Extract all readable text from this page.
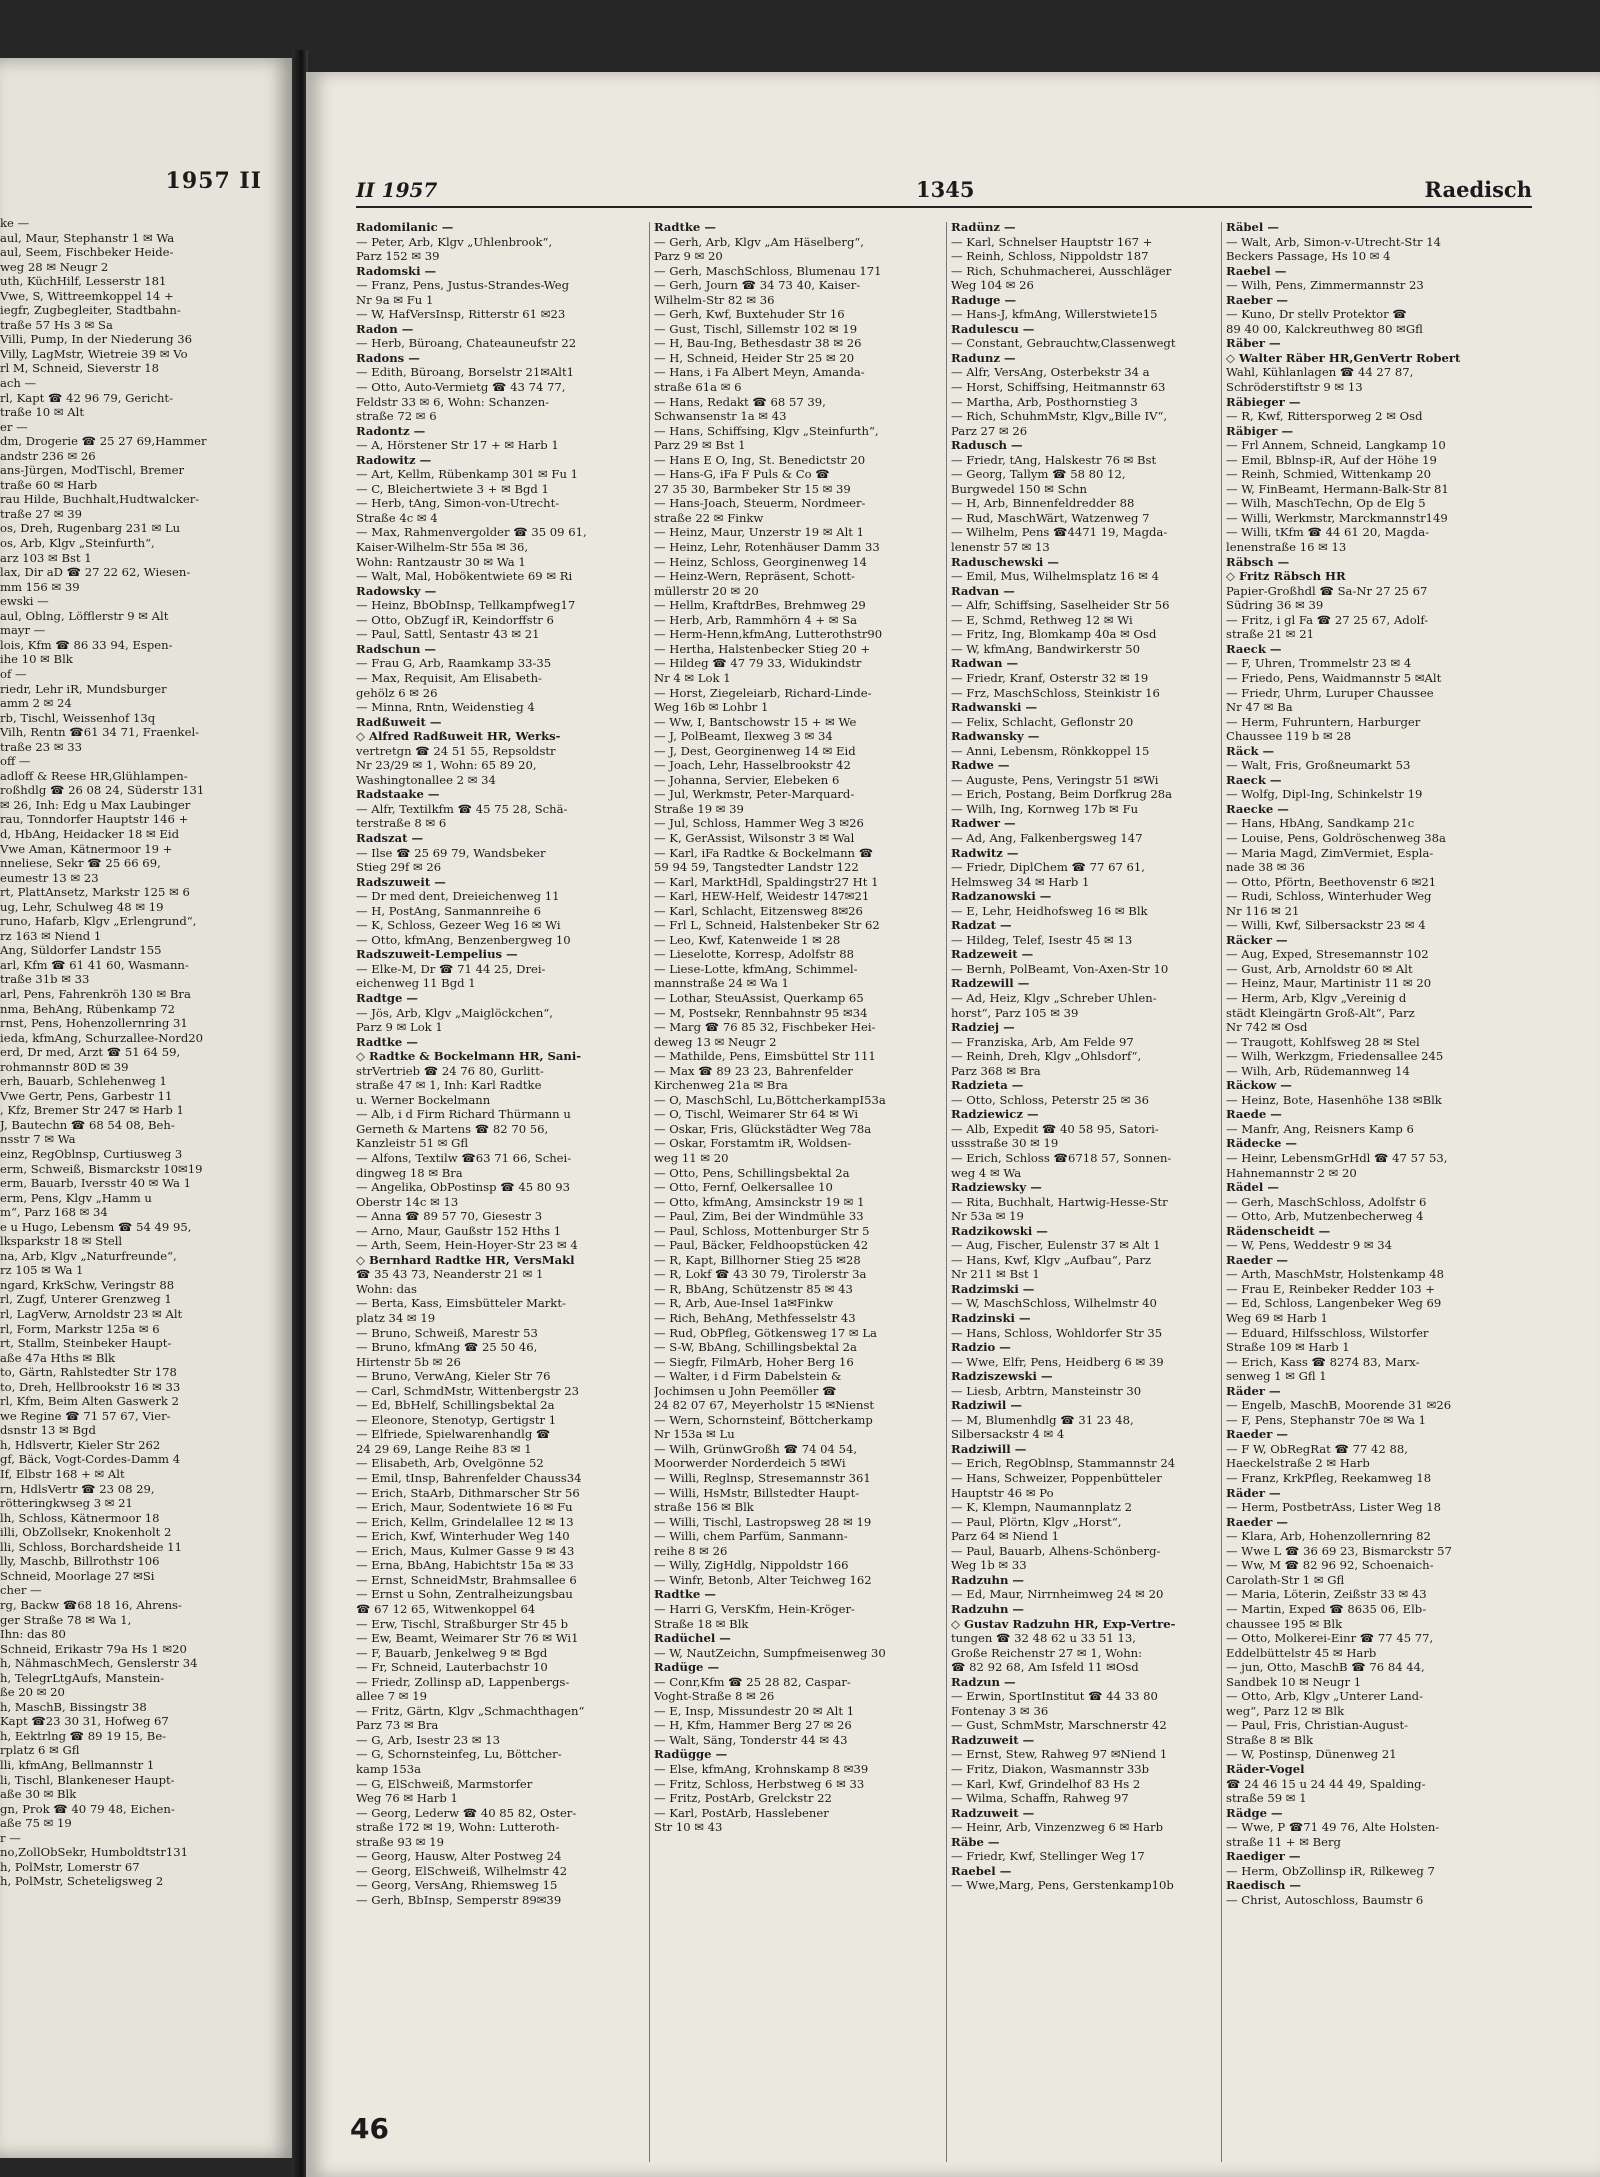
1957 II
ke —
aul, Maur, Stephanstr 1 ✉ Wa
aul, Seem, Fischbeker Heide-
weg 28 ✉ Neugr 2
uth, KüchHilf, Lesserstr 181
Vwe, S, Wittreemkoppel 14 +
iegfr, Zugbegleiter, Stadtbahn-
traße 57 Hs 3 ✉ Sa
Villi, Pump, In der Niederung 36
Villy, LagMstr, Wietreie 39 ✉ Vo
rl M, Schneid, Sieverstr 18
ach —
rl, Kapt ☎ 42 96 79, Gericht-
traße 10 ✉ Alt
er —
dm, Drogerie ☎ 25 27 69,Hammer
andstr 236 ✉ 26
ans-Jürgen, ModTischl, Bremer
traße 60 ✉ Harb
rau Hilde, Buchhalt,Hudtwalcker-
traße 27 ✉ 39
os, Dreh, Rugenbarg 231 ✉ Lu
os, Arb, Klgv „Steinfurth“,
arz 103 ✉ Bst 1
lax, Dir aD ☎ 27 22 62, Wiesen-
mm 156 ✉ 39
ewski —
aul, Oblng, Löfflerstr 9 ✉ Alt
mayr —
lois, Kfm ☎ 86 33 94, Espen-
ihe 10 ✉ Blk
of —
riedr, Lehr iR, Mundsburger
amm 2 ✉ 24
rb, Tischl, Weissenhof 13q
Vilh, Rentn ☎61 34 71, Fraenkel-
traße 23 ✉ 33
off —
adloff & Reese HR,Glühlampen-
roßhdlg ☎ 26 08 24, Süderstr 131
✉ 26, Inh: Edg u Max Laubinger
rau, Tonndorfer Hauptstr 146 +
d, HbAng, Heidacker 18 ✉ Eid
Vwe Aman, Kätnermoor 19 +
nneliese, Sekr ☎ 25 66 69,
eumestr 13 ✉ 23
rt, PlattAnsetz, Markstr 125 ✉ 6
ug, Lehr, Schulweg 48 ✉ 19
runo, Hafarb, Klgv „Erlengrund“,
rz 163 ✉ Niend 1
Ang, Süldorfer Landstr 155
arl, Kfm ☎ 61 41 60, Wasmann-
traße 31b ✉ 33
arl, Pens, Fahrenkröh 130 ✉ Bra
nma, BehAng, Rübenkamp 72
rnst, Pens, Hohenzollernring 31
ieda, kfmAng, Schurzallee-Nord20
erd, Dr med, Arzt ☎ 51 64 59,
rohmannstr 80D ✉ 39
erh, Bauarb, Schlehenweg 1
Vwe Gertr, Pens, Garbestr 11
, Kfz, Bremer Str 247 ✉ Harb 1
J, Bautechn ☎ 68 54 08, Beh-
nsstr 7 ✉ Wa
einz, RegOblnsp, Curtiusweg 3
erm, Schweiß, Bismarckstr 10✉19
erm, Bauarb, Iversstr 40 ✉ Wa 1
erm, Pens, Klgv „Hamm u
m“, Parz 168 ✉ 34
e u Hugo, Lebensm ☎ 54 49 95,
lksparkstr 18 ✉ Stell
na, Arb, Klgv „Naturfreunde“,
rz 105 ✉ Wa 1
ngard, KrkSchw, Veringstr 88
rl, Zugf, Unterer Grenzweg 1
rl, LagVerw, Arnoldstr 23 ✉ Alt
rl, Form, Markstr 125a ✉ 6
rt, Stallm, Steinbeker Haupt-
aße 47a Hths ✉ Blk
to, Gärtn, Rahlstedter Str 178
to, Dreh, Hellbrookstr 16 ✉ 33
rl, Kfm, Beim Alten Gaswerk 2
we Regine ☎ 71 57 67, Vier-
dsnstr 13 ✉ Bgd
h, Hdlsvertr, Kieler Str 262
gf, Bäck, Vogt-Cordes-Damm 4
If, Elbstr 168 + ✉ Alt
rn, HdlsVertr ☎ 23 08 29,
rötteringkwseg 3 ✉ 21
lh, Schloss, Kätnermoor 18
illi, ObZollsekr, Knokenholt 2
lli, Schloss, Borchardsheide 11
lly, Maschb, Billrothstr 106
Schneid, Moorlage 27 ✉Si
cher —
rg, Backw ☎68 18 16, Ahrens-
ger Straße 78 ✉ Wa 1,
Ihn: das 80
Schneid, Erikastr 79a Hs 1 ✉20
h, NähmaschMech, Genslerstr 34
h, TelegrLtgAufs, Manstein-
ße 20 ✉ 20
h, MaschB, Bissingstr 38
Kapt ☎23 30 31, Hofweg 67
h, Eektrlng ☎ 89 19 15, Be-
rplatz 6 ✉ Gfl
lli, kfmAng, Bellmannstr 1
li, Tischl, Blankeneser Haupt-
aße 30 ✉ Blk
gn, Prok ☎ 40 79 48, Eichen-
aße 75 ✉ 19
r —
no,ZollObSekr, Humboldtstr131
h, PolMstr, Lomerstr 67
h, PolMstr, Scheteligsweg 2
II 1957	1345	Raedisch
Radomilanic —
— Peter, Arb, Klgv „Uhlenbrook“,
Parz 152 ✉ 39
Radomski —
— Franz, Pens, Justus-Strandes-Weg
Nr 9a ✉ Fu 1
— W, HafVersInsp, Ritterstr 61 ✉23
Radon —
— Herb, Büroang, Chateauneufstr 22
Radons —
— Edith, Büroang, Borselstr 21✉Alt1
— Otto, Auto-Vermietg ☎ 43 74 77,
Feldstr 33 ✉ 6, Wohn: Schanzen-
straße 72 ✉ 6
Radontz —
— A, Hörstener Str 17 + ✉ Harb 1
Radowitz —
— Art, Kellm, Rübenkamp 301 ✉ Fu 1
— C, Bleichertwiete 3 + ✉ Bgd 1
— Herb, tAng, Simon-von-Utrecht-
Straße 4c ✉ 4
— Max, Rahmenvergolder ☎ 35 09 61,
Kaiser-Wilhelm-Str 55a ✉ 36,
Wohn: Rantzaustr 30 ✉ Wa 1
— Walt, Mal, Hobökentwiete 69 ✉ Ri
Radowsky —
— Heinz, BbObInsp, Tellkampfweg17
— Otto, ObZugf iR, Keindorffstr 6
— Paul, Sattl, Sentastr 43 ✉ 21
Radschun —
— Frau G, Arb, Raamkamp 33-35
— Max, Requisit, Am Elisabeth-
gehölz 6 ✉ 26
— Minna, Rntn, Weidenstieg 4
Radßuweit —
◇ Alfred Radßuweit HR, Werks-
vertretgn ☎ 24 51 55, Repsoldstr
Nr 23/29 ✉ 1, Wohn: 65 89 20,
Washingtonallee 2 ✉ 34
Radstaake —
— Alfr, Textilkfm ☎ 45 75 28, Schä-
terstraße 8 ✉ 6
Radszat —
— Ilse ☎ 25 69 79, Wandsbeker
Stieg 29f ✉ 26
Radszuweit —
— Dr med dent, Dreieichenweg 11
— H, PostAng, Sanmannreihe 6
— K, Schloss, Gezeer Weg 16 ✉ Wi
— Otto, kfmAng, Benzenbergweg 10
Radszuweit-Lempelius —
— Elke-M, Dr ☎ 71 44 25, Drei-
eichenweg 11 Bgd 1
Radtge —
— Jös, Arb, Klgv „Maiglöckchen“,
Parz 9 ✉ Lok 1
Radtke —
◇ Radtke & Bockelmann HR, Sani-
strVertrieb ☎ 24 76 80, Gurlitt-
straße 47 ✉ 1, Inh: Karl Radtke
u. Werner Bockelmann
— Alb, i d Firm Richard Thürmann u
Gerneth & Martens ☎ 82 70 56,
Kanzleistr 51 ✉ Gfl
— Alfons, Textilw ☎63 71 66, Schei-
dingweg 18 ✉ Bra
— Angelika, ObPostinsp ☎ 45 80 93
Oberstr 14c ✉ 13
— Anna ☎ 89 57 70, Giesestr 3
— Arno, Maur, Gaußstr 152 Hths 1
— Arth, Seem, Hein-Hoyer-Str 23 ✉ 4
◇ Bernhard Radtke HR, VersMakl
☎ 35 43 73, Neanderstr 21 ✉ 1
Wohn: das
— Berta, Kass, Eimsbütteler Markt-
platz 34 ✉ 19
— Bruno, Schweiß, Marestr 53
— Bruno, kfmAng ☎ 25 50 46,
Hirtenstr 5b ✉ 26
— Bruno, VerwAng, Kieler Str 76
— Carl, SchmdMstr, Wittenbergstr 23
— Ed, BbHelf, Schillingsbektal 2a
— Eleonore, Stenotyp, Gertigstr 1
— Elfriede, Spielwarenhandlg ☎
24 29 69, Lange Reihe 83 ✉ 1
— Elisabeth, Arb, Ovelgönne 52
— Emil, tInsp, Bahrenfelder Chauss34
— Erich, StaArb, Dithmarscher Str 56
— Erich, Maur, Sodentwiete 16 ✉ Fu
— Erich, Kellm, Grindelallee 12 ✉ 13
— Erich, Kwf, Winterhuder Weg 140
— Erich, Maus, Kulmer Gasse 9 ✉ 43
— Erna, BbAng, Habichtstr 15a ✉ 33
— Ernst, SchneidMstr, Brahmsallee 6
— Ernst u Sohn, Zentralheizungsbau
☎ 67 12 65, Witwenkoppel 64
— Erw, Tischl, Straßburger Str 45 b
— Ew, Beamt, Weimarer Str 76 ✉ Wi1
— F, Bauarb, Jenkelweg 9 ✉ Bgd
— Fr, Schneid, Lauterbachstr 10
— Friedr, Zollinsp aD, Lappenbergs-
allee 7 ✉ 19
— Fritz, Gärtn, Klgv „Schmachthagen“
Parz 73 ✉ Bra
— G, Arb, Isestr 23 ✉ 13
— G, Schornsteinfeg, Lu, Böttcher-
kamp 153a
— G, ElSchweiß, Marmstorfer
Weg 76 ✉ Harb 1
— Georg, Lederw ☎ 40 85 82, Oster-
straße 172 ✉ 19, Wohn: Lutteroth-
straße 93 ✉ 19
— Georg, Hausw, Alter Postweg 24
— Georg, ElSchweiß, Wilhelmstr 42
— Georg, VersAng, Rhiemsweg 15
— Gerh, BbInsp, Semperstr 89✉39
Radtke —
— Gerh, Arb, Klgv „Am Häselberg“,
Parz 9 ✉ 20
— Gerh, MaschSchloss, Blumenau 171
— Gerh, Journ ☎ 34 73 40, Kaiser-
Wilhelm-Str 82 ✉ 36
— Gerh, Kwf, Buxtehuder Str 16
— Gust, Tischl, Sillemstr 102 ✉ 19
— H, Bau-Ing, Bethesdastr 38 ✉ 26
— H, Schneid, Heider Str 25 ✉ 20
— Hans, i Fa Albert Meyn, Amanda-
straße 61a ✉ 6
— Hans, Redakt ☎ 68 57 39,
Schwansenstr 1a ✉ 43
— Hans, Schiffsing, Klgv „Steinfurth“,
Parz 29 ✉ Bst 1
— Hans E O, Ing, St. Benedictstr 20
— Hans-G, iFa F Puls & Co ☎
27 35 30, Barmbeker Str 15 ✉ 39
— Hans-Joach, Steuerm, Nordmeer-
straße 22 ✉ Finkw
— Heinz, Maur, Unzerstr 19 ✉ Alt 1
— Heinz, Lehr, Rotenhäuser Damm 33
— Heinz, Schloss, Georginenweg 14
— Heinz-Wern, Repräsent, Schott-
müllerstr 20 ✉ 20
— Hellm, KraftdrBes, Brehmweg 29
— Herb, Arb, Rammhörn 4 + ✉ Sa
— Herm-Henn,kfmAng, Lutterothstr90
— Hertha, Halstenbecker Stieg 20 +
— Hildeg ☎ 47 79 33, Widukindstr
Nr 4 ✉ Lok 1
— Horst, Ziegeleiarb, Richard-Linde-
Weg 16b ✉ Lohbr 1
— Ww, I, Bantschowstr 15 + ✉ We
— J, PolBeamt, Ilexweg 3 ✉ 34
— J, Dest, Georginenweg 14 ✉ Eid
— Joach, Lehr, Hasselbrookstr 42
— Johanna, Servier, Elebeken 6
— Jul, Werkmstr, Peter-Marquard-
Straße 19 ✉ 39
— Jul, Schloss, Hammer Weg 3 ✉26
— K, GerAssist, Wilsonstr 3 ✉ Wal
— Karl, iFa Radtke & Bockelmann ☎
59 94 59, Tangstedter Landstr 122
— Karl, MarktHdl, Spaldingstr27 Ht 1
— Karl, HEW-Helf, Weidestr 147✉21
— Karl, Schlacht, Eitzensweg 8✉26
— Frl L, Schneid, Halstenbeker Str 62
— Leo, Kwf, Katenweide 1 ✉ 28
— Lieselotte, Korresp, Adolfstr 88
— Liese-Lotte, kfmAng, Schimmel-
mannstraße 24 ✉ Wa 1
— Lothar, SteuAssist, Querkamp 65
— M, Postsekr, Rennbahnstr 95 ✉34
— Marg ☎ 76 85 32, Fischbeker Hei-
deweg 13 ✉ Neugr 2
— Mathilde, Pens, Eimsbüttel Str 111
— Max ☎ 89 23 23, Bahrenfelder
Kirchenweg 21a ✉ Bra
— O, MaschSchl, Lu,BöttcherkampI53a
— O, Tischl, Weimarer Str 64 ✉ Wi
— Oskar, Fris, Glückstädter Weg 78a
— Oskar, Forstamtm iR, Woldsen-
weg 11 ✉ 20
— Otto, Pens, Schillingsbektal 2a
— Otto, Fernf, Oelkersallee 10
— Otto, kfmAng, Amsinckstr 19 ✉ 1
— Paul, Zim, Bei der Windmühle 33
— Paul, Schloss, Mottenburger Str 5
— Paul, Bäcker, Feldhoopstücken 42
— R, Kapt, Billhorner Stieg 25 ✉28
— R, Lokf ☎ 43 30 79, Tirolerstr 3a
— R, BbAng, Schützenstr 85 ✉ 43
— R, Arb, Aue-Insel 1a✉Finkw
— Rich, BehAng, Methfesselstr 43
— Rud, ObPfleg, Götkensweg 17 ✉ La
— S-W, BbAng, Schillingsbektal 2a
— Siegfr, FilmArb, Hoher Berg 16
— Walter, i d Firm Dabelstein &
Jochimsen u John Peemöller ☎
24 82 07 67, Meyerholstr 15 ✉Nienst
— Wern, Schornsteinf, Böttcherkamp
Nr 153a ✉ Lu
— Wilh, GrünwGroßh ☎ 74 04 54,
Moorwerder Norderdeich 5 ✉Wi
— Willi, Reglnsp, Stresemannstr 361
— Willi, HsMstr, Billstedter Haupt-
straße 156 ✉ Blk
— Willi, Tischl, Lastropsweg 28 ✉ 19
— Willi, chem Parfüm, Sanmann-
reihe 8 ✉ 26
— Willy, ZigHdlg, Nippoldstr 166
— Winfr, Betonb, Alter Teichweg 162
Radtke —
— Harri G, VersKfm, Hein-Kröger-
Straße 18 ✉ Blk
Radüchel —
— W, NautZeichn, Sumpfmeisenweg 30
Radüge —
— Conr,Kfm ☎ 25 28 82, Caspar-
Voght-Straße 8 ✉ 26
— E, Insp, Missundestr 20 ✉ Alt 1
— H, Kfm, Hammer Berg 27 ✉ 26
— Walt, Säng, Tonderstr 44 ✉ 43
Radügge —
— Else, kfmAng, Krohnskamp 8 ✉39
— Fritz, Schloss, Herbstweg 6 ✉ 33
— Fritz, PostArb, Grelckstr 22
— Karl, PostArb, Hasslebener
Str 10 ✉ 43
Radünz —
— Karl, Schnelser Hauptstr 167 +
— Reinh, Schloss, Nippoldstr 187
— Rich, Schuhmacherei, Ausschläger
Weg 104 ✉ 26
Raduge —
— Hans-J, kfmAng, Willerstwiete15
Radulescu —
— Constant, Gebrauchtw,Classenwegt
Radunz —
— Alfr, VersAng, Osterbekstr 34 a
— Horst, Schiffsing, Heitmannstr 63
— Martha, Arb, Posthornstieg 3
— Rich, SchuhmMstr, Klgv„Bille IV“,
Parz 27 ✉ 26
Radusch —
— Friedr, tAng, Halskestr 76 ✉ Bst
— Georg, Tallym ☎ 58 80 12,
Burgwedel 150 ✉ Schn
— H, Arb, Binnenfeldredder 88
— Rud, MaschWärt, Watzenweg 7
— Wilhelm, Pens ☎4471 19, Magda-
lenenstr 57 ✉ 13
Raduschewski —
— Emil, Mus, Wilhelmsplatz 16 ✉ 4
Radvan —
— Alfr, Schiffsing, Saselheider Str 56
— E, Schmd, Rethweg 12 ✉ Wi
— Fritz, Ing, Blomkamp 40a ✉ Osd
— W, kfmAng, Bandwirkerstr 50
Radwan —
— Friedr, Kranf, Osterstr 32 ✉ 19
— Frz, MaschSchloss, Steinkistr 16
Radwanski —
— Felix, Schlacht, Geflonstr 20
Radwansky —
— Anni, Lebensm, Rönkkoppel 15
Radwe —
— Auguste, Pens, Veringstr 51 ✉Wi
— Erich, Postang, Beim Dorfkrug 28a
— Wilh, Ing, Kornweg 17b ✉ Fu
Radwer —
— Ad, Ang, Falkenbergsweg 147
Radwitz —
— Friedr, DiplChem ☎ 77 67 61,
Helmsweg 34 ✉ Harb 1
Radzanowski —
— E, Lehr, Heidhofsweg 16 ✉ Blk
Radzat —
— Hildeg, Telef, Isestr 45 ✉ 13
Radzeweit —
— Bernh, PolBeamt, Von-Axen-Str 10
Radzewill —
— Ad, Heiz, Klgv „Schreber Uhlen-
horst“, Parz 105 ✉ 39
Radziej —
— Franziska, Arb, Am Felde 97
— Reinh, Dreh, Klgv „Ohlsdorf“,
Parz 368 ✉ Bra
Radzieta —
— Otto, Schloss, Peterstr 25 ✉ 36
Radziewicz —
— Alb, Expedit ☎ 40 58 95, Satori-
ussstraße 30 ✉ 19
— Erich, Schloss ☎6718 57, Sonnen-
weg 4 ✉ Wa
Radziewsky —
— Rita, Buchhalt, Hartwig-Hesse-Str
Nr 53a ✉ 19
Radzikowski —
— Aug, Fischer, Eulenstr 37 ✉ Alt 1
— Hans, Kwf, Klgv „Aufbau“, Parz
Nr 211 ✉ Bst 1
Radzimski —
— W, MaschSchloss, Wilhelmstr 40
Radzinski —
— Hans, Schloss, Wohldorfer Str 35
Radzio —
— Wwe, Elfr, Pens, Heidberg 6 ✉ 39
Radziszewski —
— Liesb, Arbtrn, Mansteinstr 30
Radziwil —
— M, Blumenhdlg ☎ 31 23 48,
Silbersackstr 4 ✉ 4
Radziwill —
— Erich, RegOblnsp, Stammannstr 24
— Hans, Schweizer, Poppenbütteler
Hauptstr 46 ✉ Po
— K, Klempn, Naumannplatz 2
— Paul, Plörtn, Klgv „Horst“,
Parz 64 ✉ Niend 1
— Paul, Bauarb, Alhens-Schönberg-
Weg 1b ✉ 33
Radzuhn —
— Ed, Maur, Nirrnheimweg 24 ✉ 20
Radzuhn —
◇ Gustav Radzuhn HR, Exp-Vertre-
tungen ☎ 32 48 62 u 33 51 13,
Große Reichenstr 27 ✉ 1, Wohn:
☎ 82 92 68, Am Isfeld 11 ✉Osd
Radzun —
— Erwin, SportInstitut ☎ 44 33 80
Fontenay 3 ✉ 36
— Gust, SchmMstr, Marschnerstr 42
Radzuweit —
— Ernst, Stew, Rahweg 97 ✉Niend 1
— Fritz, Diakon, Wasmannstr 33b
— Karl, Kwf, Grindelhof 83 Hs 2
— Wilma, Schaffn, Rahweg 97
Radzuweit —
— Heinr, Arb, Vinzenzweg 6 ✉ Harb
Räbe —
— Friedr, Kwf, Stellinger Weg 17
Raebel —
— Wwe,Marg, Pens, Gerstenkamp10b
Räbel —
— Walt, Arb, Simon-v-Utrecht-Str 14
Beckers Passage, Hs 10 ✉ 4
Raebel —
— Wilh, Pens, Zimmermannstr 23
Raeber —
— Kuno, Dr stellv Protektor ☎
89 40 00, Kalckreuthweg 80 ✉Gfl
Räber —
◇ Walter Räber HR,GenVertr Robert
Wahl, Kühlanlagen ☎ 44 27 87,
Schröderstiftstr 9 ✉ 13
Räbieger —
— R, Kwf, Rittersporweg 2 ✉ Osd
Räbiger —
— Frl Annem, Schneid, Langkamp 10
— Emil, Bblnsp-iR, Auf der Höhe 19
— Reinh, Schmied, Wittenkamp 20
— W, FinBeamt, Hermann-Balk-Str 81
— Wilh, MaschTechn, Op de Elg 5
— Willi, Werkmstr, Marckmannstr149
— Willi, tKfm ☎ 44 61 20, Magda-
lenenstraße 16 ✉ 13
Räbsch —
◇ Fritz Räbsch HR
Papier-Großhdl ☎ Sa-Nr 27 25 67
Südring 36 ✉ 39
— Fritz, i gl Fa ☎ 27 25 67, Adolf-
straße 21 ✉ 21
Raeck —
— F, Uhren, Trommelstr 23 ✉ 4
— Friedo, Pens, Waidmannstr 5 ✉Alt
— Friedr, Uhrm, Luruper Chaussee
Nr 47 ✉ Ba
— Herm, Fuhruntern, Harburger
Chaussee 119 b ✉ 28
Räck —
— Walt, Fris, Großneumarkt 53
Raeck —
— Wolfg, Dipl-Ing, Schinkelstr 19
Raecke —
— Hans, HbAng, Sandkamp 21c
— Louise, Pens, Goldröschenweg 38a
— Maria Magd, ZimVermiet, Espla-
nade 38 ✉ 36
— Otto, Pförtn, Beethovenstr 6 ✉21
— Rudi, Schloss, Winterhuder Weg
Nr 116 ✉ 21
— Willi, Kwf, Silbersackstr 23 ✉ 4
Räcker —
— Aug, Exped, Stresemannstr 102
— Gust, Arb, Arnoldstr 60 ✉ Alt
— Heinz, Maur, Martinistr 11 ✉ 20
— Herm, Arb, Klgv „Vereinig d
städt Kleingärtn Groß-Alt“, Parz
Nr 742 ✉ Osd
— Traugott, Kohlfsweg 28 ✉ Stel
— Wilh, Werkzgm, Friedensallee 245
— Wilh, Arb, Rüdemannweg 14
Räckow —
— Heinz, Bote, Hasenhöhe 138 ✉Blk
Raede —
— Manfr, Ang, Reisners Kamp 6
Rädecke —
— Heinr, LebensmGrHdl ☎ 47 57 53,
Hahnemannstr 2 ✉ 20
Rädel —
— Gerh, MaschSchloss, Adolfstr 6
— Otto, Arb, Mutzenbecherweg 4
Rädenscheidt —
— W, Pens, Weddestr 9 ✉ 34
Raeder —
— Arth, MaschMstr, Holstenkamp 48
— Frau E, Reinbeker Redder 103 +
— Ed, Schloss, Langenbeker Weg 69
Weg 69 ✉ Harb 1
— Eduard, Hilfsschloss, Wilstorfer
Straße 109 ✉ Harb 1
— Erich, Kass ☎ 8274 83, Marx-
senweg 1 ✉ Gfl 1
Räder —
— Engelb, MaschB, Moorende 31 ✉26
— F, Pens, Stephanstr 70e ✉ Wa 1
Raeder —
— F W, ObRegRat ☎ 77 42 88,
Haeckelstraße 2 ✉ Harb
— Franz, KrkPfleg, Reekamweg 18
Räder —
— Herm, PostbetrAss, Lister Weg 18
Raeder —
— Klara, Arb, Hohenzollernring 82
— Wwe L ☎ 36 69 23, Bismarckstr 57
— Ww, M ☎ 82 96 92, Schoenaich-
Carolath-Str 1 ✉ Gfl
— Maria, Löterin, Zeißstr 33 ✉ 43
— Martin, Exped ☎ 8635 06, Elb-
chaussee 195 ✉ Blk
— Otto, Molkerei-Einr ☎ 77 45 77,
Eddelbüttelstr 45 ✉ Harb
— jun, Otto, MaschB ☎ 76 84 44,
Sandbek 10 ✉ Neugr 1
— Otto, Arb, Klgv „Unterer Land-
weg“, Parz 12 ✉ Blk
— Paul, Fris, Christian-August-
Straße 8 ✉ Blk
— W, Postinsp, Dünenweg 21
Räder-Vogel
☎ 24 46 15 u 24 44 49, Spalding-
straße 59 ✉ 1
Rädge —
— Wwe, P ☎71 49 76, Alte Holsten-
straße 11 + ✉ Berg
Raediger —
— Herm, ObZollinsp iR, Rilkeweg 7
Raedisch —
— Christ, Autoschloss, Baumstr 6
46
